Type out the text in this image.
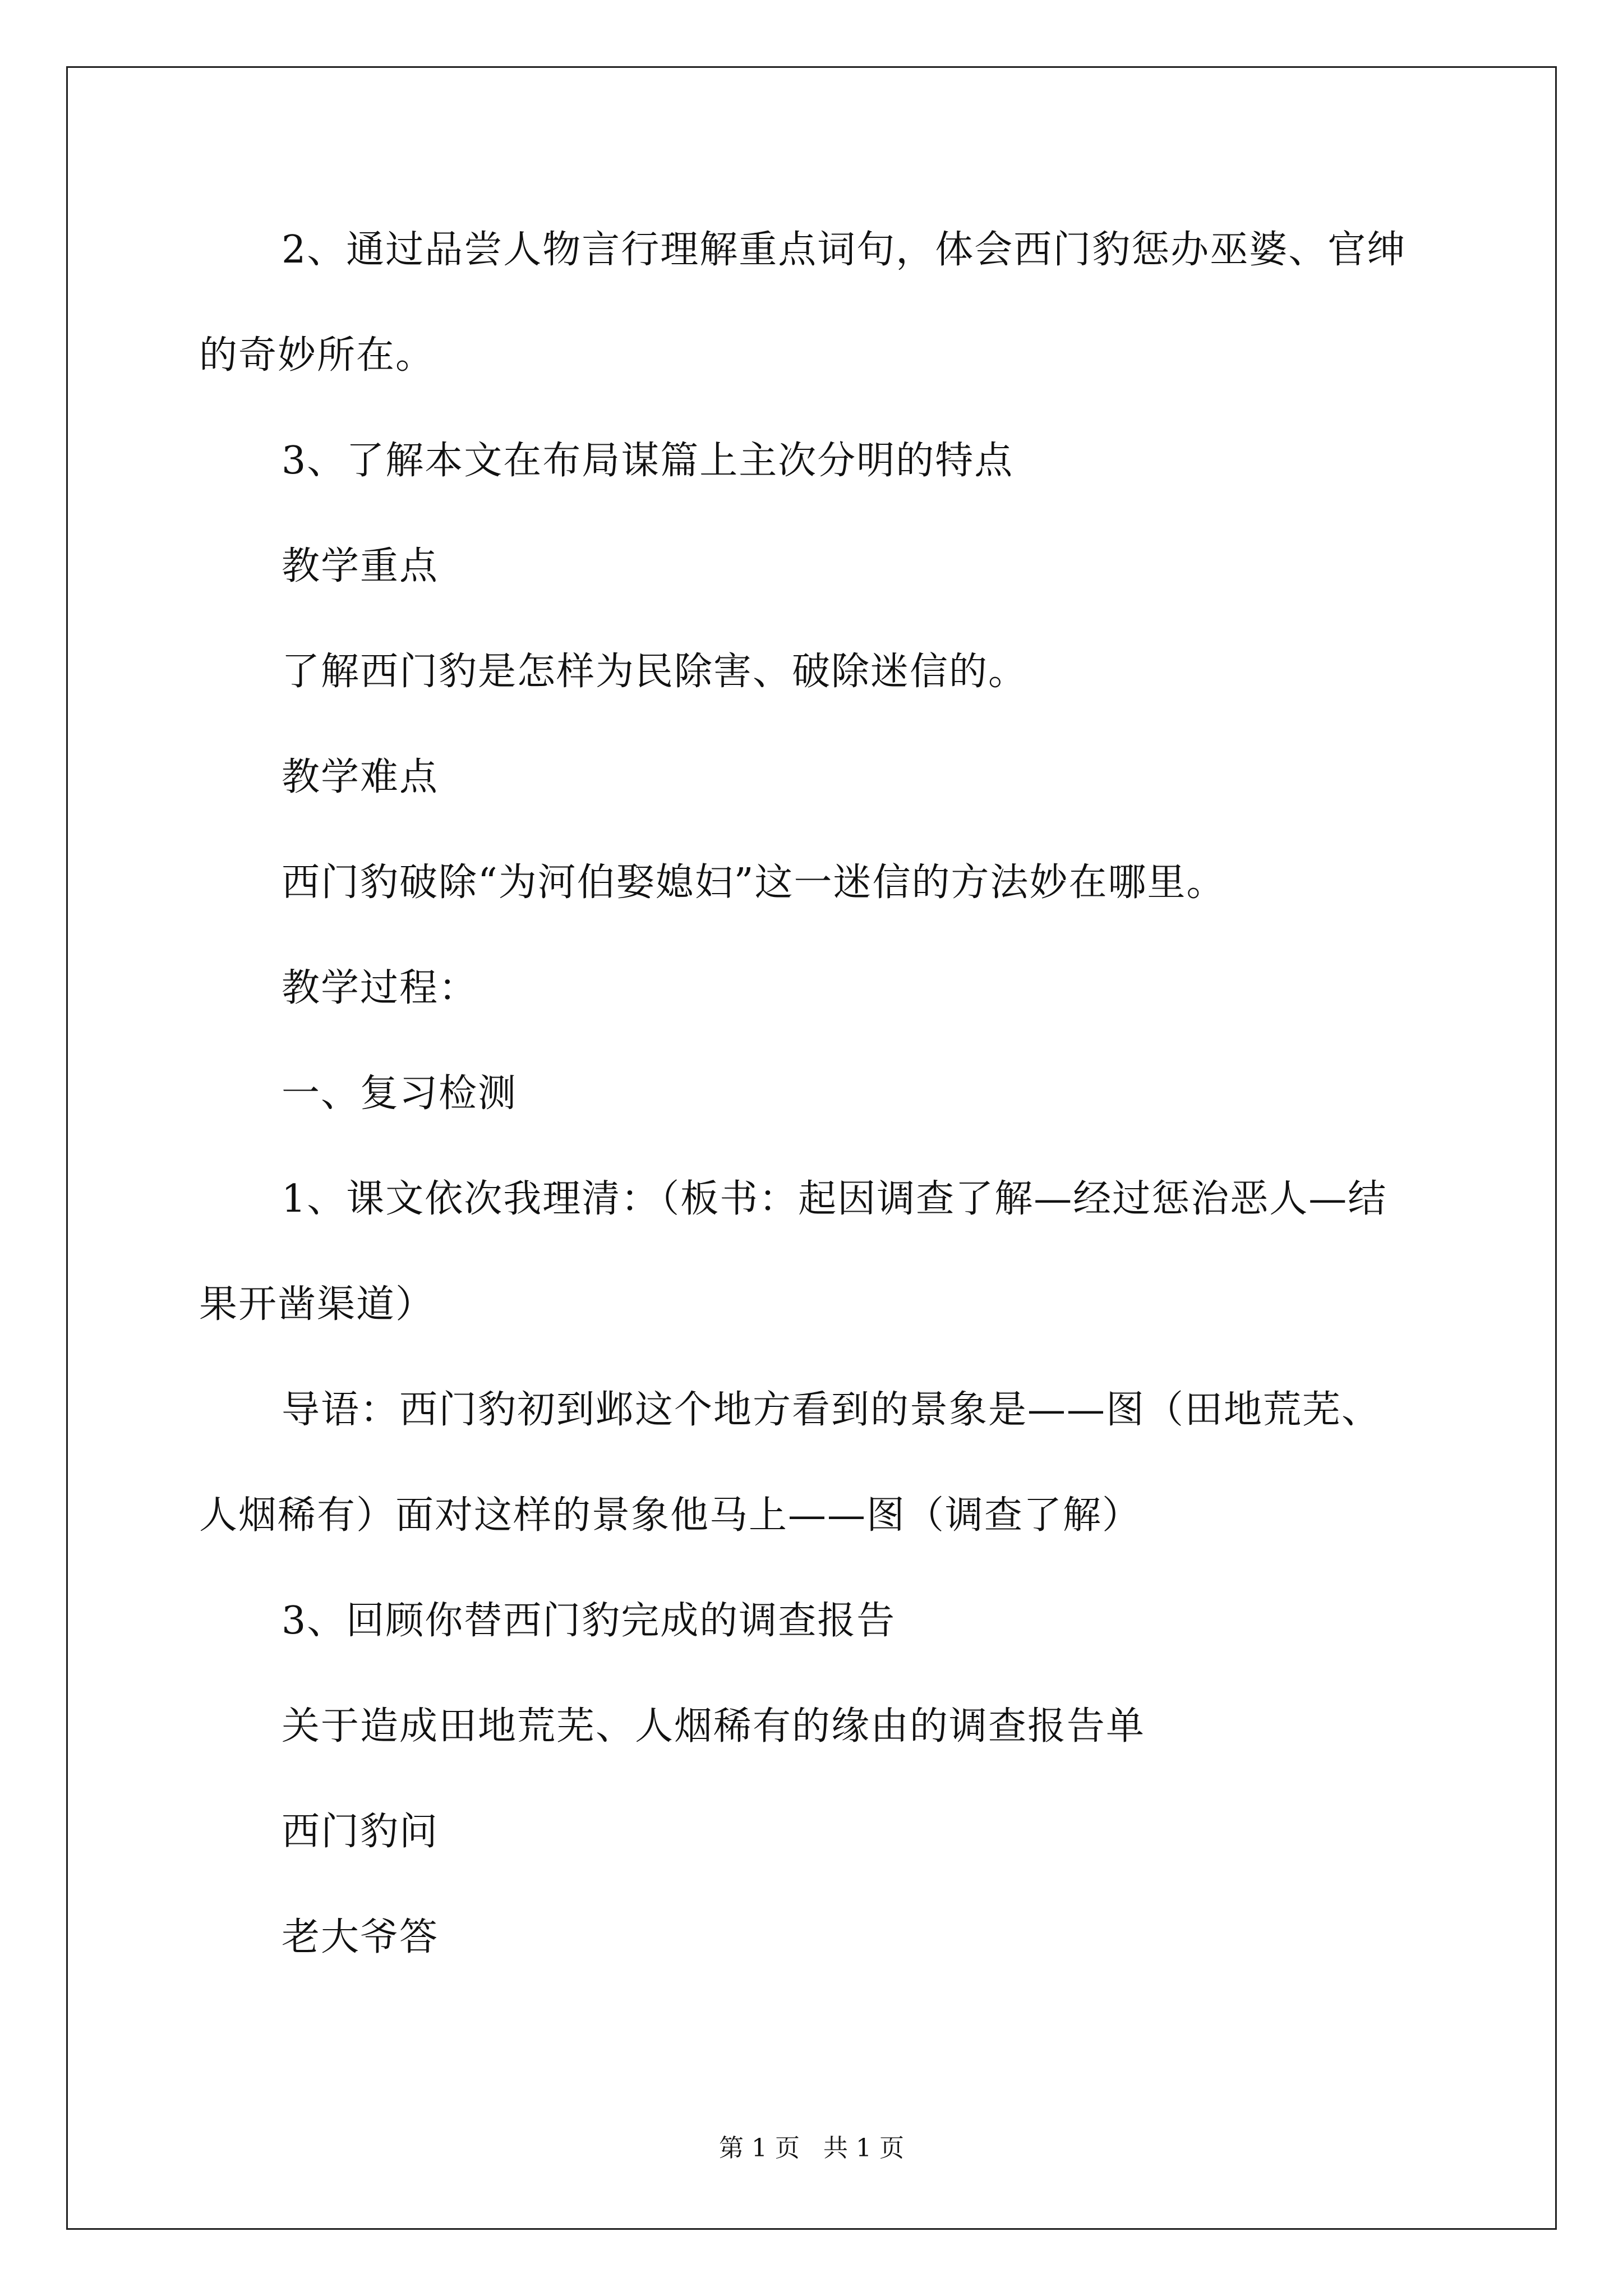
2、通过品尝人物言行理解重点词句，体会西门豹惩办巫婆、官绅
的奇妙所在。
3、了解本文在布局谋篇上主次分明的特点
教学重点
了解西门豹是怎样为民除害、破除迷信的。
教学难点
西门豹破除“为河伯娶媳妇”这一迷信的方法妙在哪里。
教学过程：
一、复习检测
1、课文依次我理清：（板书：起因调查了解—经过惩治恶人—结
果开凿渠道）
导语：西门豹初到邺这个地方看到的景象是——图（田地荒芜、
人烟稀有）面对这样的景象他马上——图（调查了解）
3、回顾你替西门豹完成的调查报告
关于造成田地荒芜、人烟稀有的缘由的调查报告单
西门豹问
老大爷答
第 1 页   共 1 页
